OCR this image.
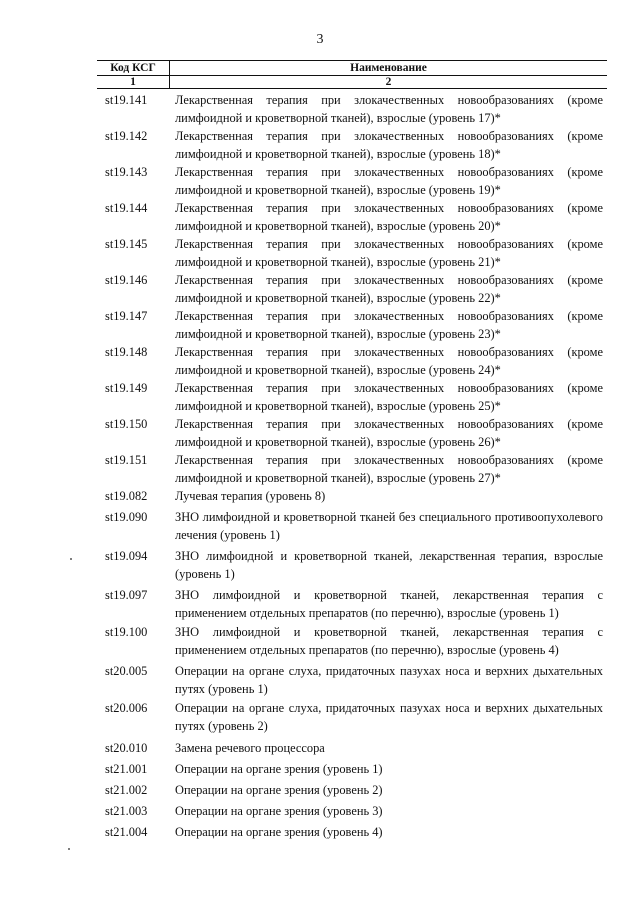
3
Код КСГ	Наименование
1	2
st19.141	Лекарственная терапия при злокачественных новообразованиях (кроме лимфоидной и кроветворной тканей), взрослые (уровень 17)*
st19.142	Лекарственная терапия при злокачественных новообразованиях (кроме лимфоидной и кроветворной тканей), взрослые (уровень 18)*
st19.143	Лекарственная терапия при злокачественных новообразованиях (кроме лимфоидной и кроветворной тканей), взрослые (уровень 19)*
st19.144	Лекарственная терапия при злокачественных новообразованиях (кроме лимфоидной и кроветворной тканей), взрослые (уровень 20)*
st19.145	Лекарственная терапия при злокачественных новообразованиях (кроме лимфоидной и кроветворной тканей), взрослые (уровень 21)*
st19.146	Лекарственная терапия при злокачественных новообразованиях (кроме лимфоидной и кроветворной тканей), взрослые (уровень 22)*
st19.147	Лекарственная терапия при злокачественных новообразованиях (кроме лимфоидной и кроветворной тканей), взрослые (уровень 23)*
st19.148	Лекарственная терапия при злокачественных новообразованиях (кроме лимфоидной и кроветворной тканей), взрослые (уровень 24)*
st19.149	Лекарственная терапия при злокачественных новообразованиях (кроме лимфоидной и кроветворной тканей), взрослые (уровень 25)*
st19.150	Лекарственная терапия при злокачественных новообразованиях (кроме лимфоидной и кроветворной тканей), взрослые (уровень 26)*
st19.151	Лекарственная терапия при злокачественных новообразованиях (кроме лимфоидной и кроветворной тканей), взрослые (уровень 27)*
st19.082	Лучевая терапия (уровень 8)
st19.090	ЗНО лимфоидной и кроветворной тканей без специального противоопухолевого лечения (уровень 1)
st19.094	ЗНО лимфоидной и кроветворной тканей, лекарственная терапия, взрослые (уровень 1)
st19.097	ЗНО лимфоидной и кроветворной тканей, лекарственная терапия с применением отдельных препаратов (по перечню), взрослые (уровень 1)
st19.100	ЗНО лимфоидной и кроветворной тканей, лекарственная терапия с применением отдельных препаратов (по перечню), взрослые (уровень 4)
st20.005	Операции на органе слуха, придаточных пазухах носа и верхних дыхательных путях (уровень 1)
st20.006	Операции на органе слуха, придаточных пазухах носа и верхних дыхательных путях (уровень 2)
st20.010	Замена речевого процессора
st21.001	Операции на органе зрения (уровень 1)
st21.002	Операции на органе зрения (уровень 2)
st21.003	Операции на органе зрения (уровень 3)
st21.004	Операции на органе зрения (уровень 4)
